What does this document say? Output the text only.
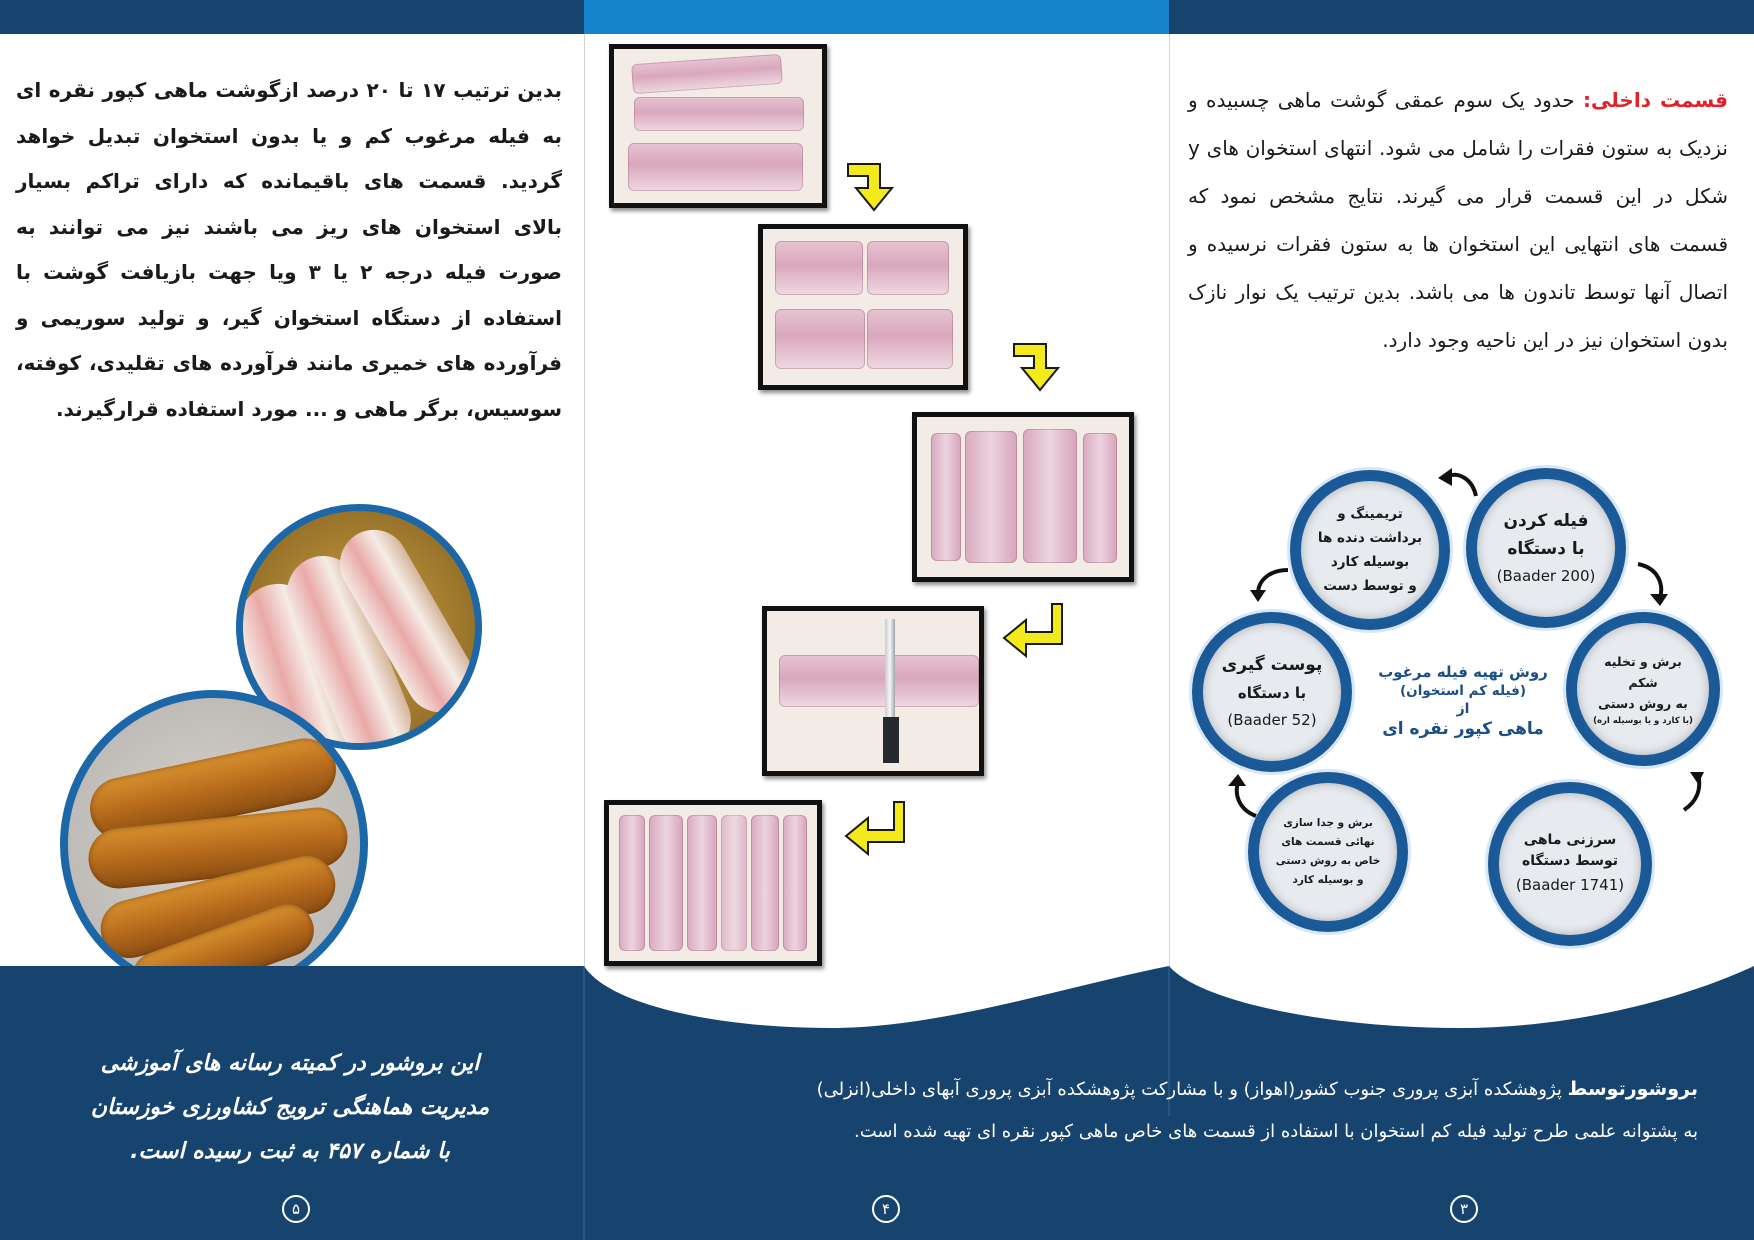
بدین ترتیب ۱۷ تا ۲۰ درصد ازگوشت ماهی کپور نقره ای به فیله مرغوب کم و یا بدون استخوان تبدیل خواهد گردید. قسمت های باقیمانده که دارای تراکم بسیار بالای استخوان های ریز می باشند نیز می توانند به صورت فیله درجه ۲ یا ۳ ویا جهت بازیافت گوشت با استفاده از دستگاه استخوان گیر، و تولید سوریمی و فرآورده های خمیری مانند فرآورده های تقلیدی، کوفته، سوسیس، برگر ماهی و ... مورد استفاده قرارگیرند.
قسمت داخلی: حدود یک سوم عمقی گوشت ماهی چسبیده و نزدیک به ستون فقرات را شامل می شود. انتهای استخوان های y شکل در این قسمت قرار می گیرند. نتایج مشخص نمود که قسمت های انتهایی این استخوان ها به ستون فقرات نرسیده و اتصال آنها توسط تاندون ها می باشد. بدین ترتیب یک نوار نازک بدون استخوان نیز در این ناحیه وجود دارد.
فیله کردن
با دستگاه
(Baader 200)
برش و تخلیه
شکم
به روش دستی
(با کارد و یا بوسیله اره)
سرزنی ماهی
توسط دستگاه
(Baader 1741)
برش و جدا سازی
نهائی قسمت های
خاص به روش دستی
و بوسیله کارد
پوست گیری
با دستگاه
(Baader 52)
تریمینگ و
برداشت دنده ها
بوسیله کارد
و توسط دست
روش تهیه فیله مرغوب
(فیله کم استخوان)
از
ماهی کپور نقره ای
این بروشور در کمیته رسانه های آموزشی
مدیریت هماهنگی ترویج کشاورزی خوزستان
با شماره ۴۵۷ به ثبت رسیده است.
بروشورتوسط پژوهشکده آبزی پروری جنوب کشور(اهواز) و با مشارکت پژوهشکده آبزی پروری آبهای داخلی(انزلی)
به پشتوانه علمی طرح تولید فیله کم استخوان با استفاده از قسمت های خاص ماهی کپور نقره ای تهیه شده است.
۵	۴	۳
